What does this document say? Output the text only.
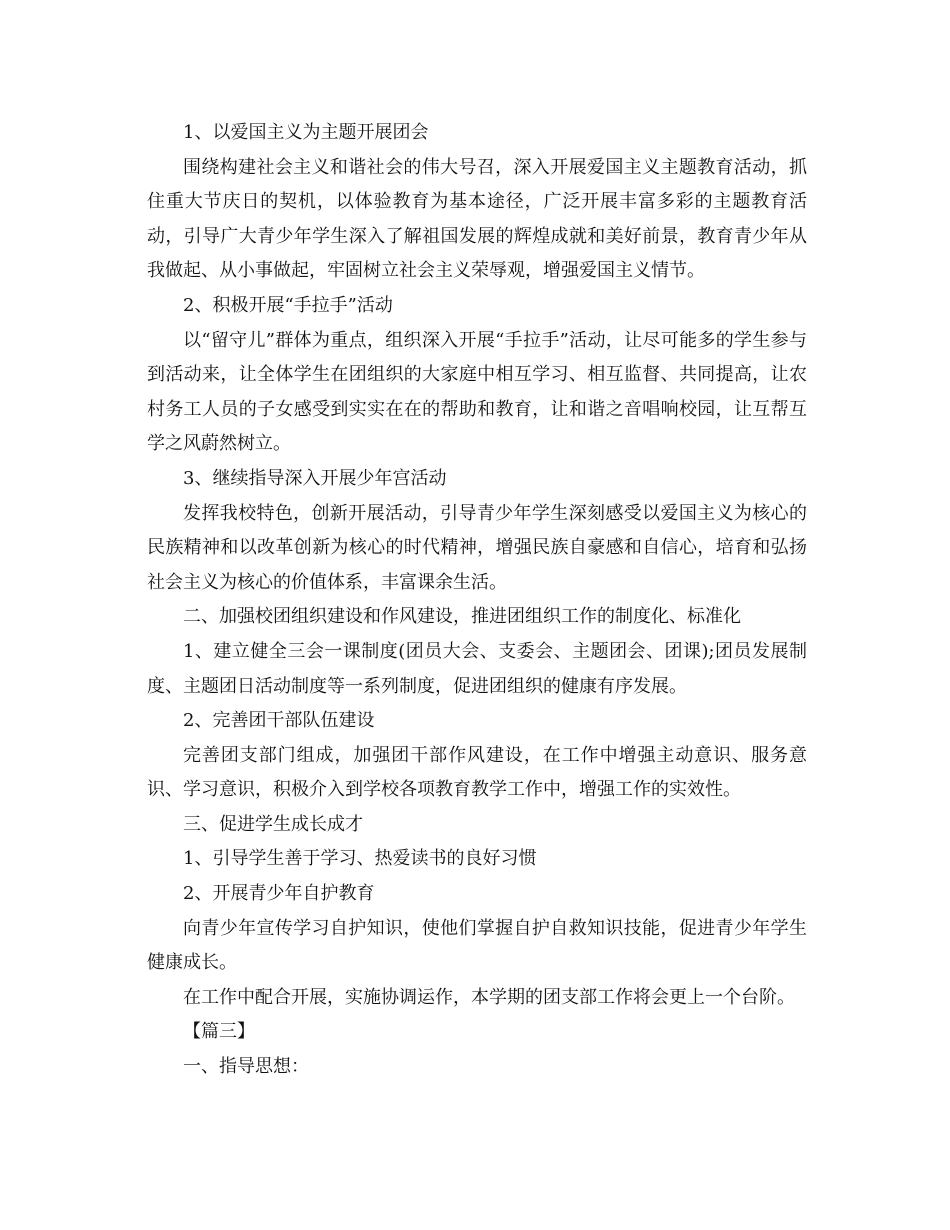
1、以爱国主义为主题开展团会

围绕构建社会主义和谐社会的伟大号召，深入开展爱国主义主题教育活动，抓住重大节庆日的契机，以体验教育为基本途径，广泛开展丰富多彩的主题教育活动，引导广大青少年学生深入了解祖国发展的辉煌成就和美好前景，教育青少年从我做起、从小事做起，牢固树立社会主义荣辱观，增强爱国主义情节。

2、积极开展“手拉手”活动

以“留守儿”群体为重点，组织深入开展“手拉手”活动，让尽可能多的学生参与到活动来，让全体学生在团组织的大家庭中相互学习、相互监督、共同提高，让农村务工人员的子女感受到实实在在的帮助和教育，让和谐之音唱响校园，让互帮互学之风蔚然树立。

3、继续指导深入开展少年宫活动

发挥我校特色，创新开展活动，引导青少年学生深刻感受以爱国主义为核心的民族精神和以改革创新为核心的时代精神，增强民族自豪感和自信心，培育和弘扬社会主义为核心的价值体系，丰富课余生活。

二、加强校团组织建设和作风建设，推进团组织工作的制度化、标准化

1、建立健全三会一课制度(团员大会、支委会、主题团会、团课);团员发展制度、主题团日活动制度等一系列制度，促进团组织的健康有序发展。

2、完善团干部队伍建设

完善团支部门组成，加强团干部作风建设，在工作中增强主动意识、服务意识、学习意识，积极介入到学校各项教育教学工作中，增强工作的实效性。

三、促进学生成长成才

1、引导学生善于学习、热爱读书的良好习惯

2、开展青少年自护教育

向青少年宣传学习自护知识，使他们掌握自护自救知识技能，促进青少年学生健康成长。

在工作中配合开展，实施协调运作，本学期的团支部工作将会更上一个台阶。

【篇三】

一、指导思想：
